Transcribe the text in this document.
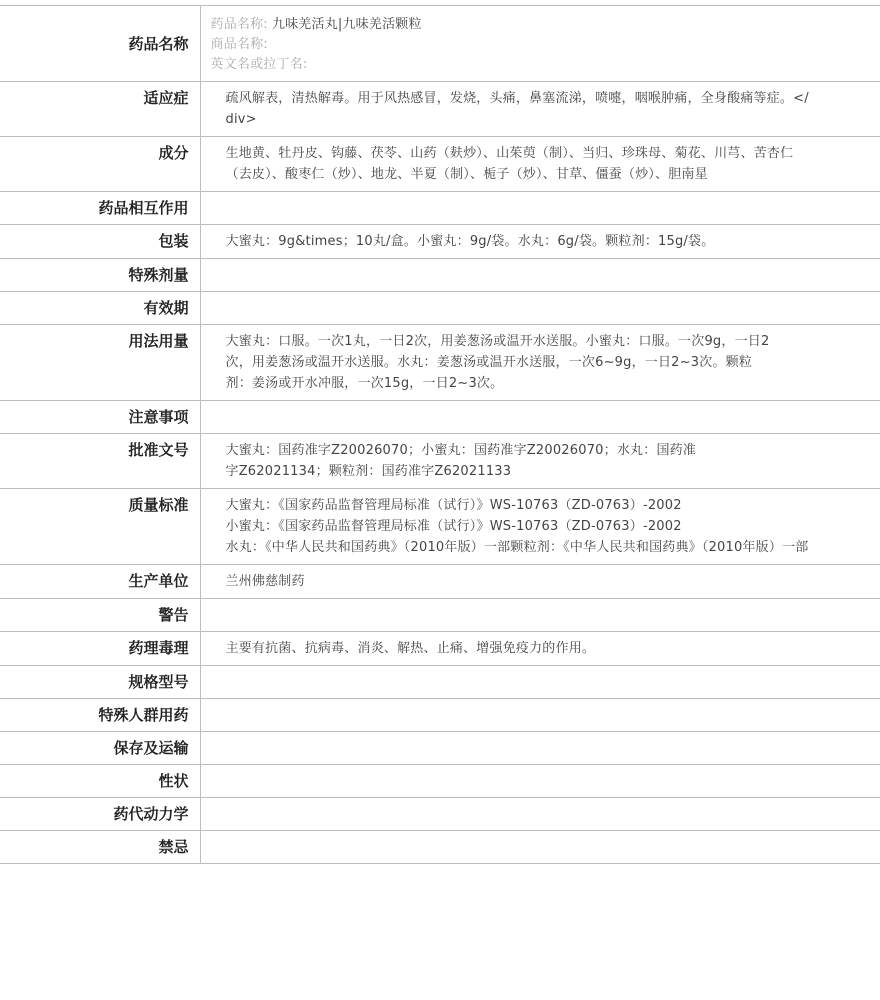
药品名称	药品名称: 九味羌活丸|九味羌活颗粒
商品名称:
英文名或拉丁名:

适应症	疏风解表，清热解毒。用于风热感冒，发烧，头痛，鼻塞流涕，喷嚏，咽喉肿痛，全身酸痛等症。</div>

成分	生地黄、牡丹皮、钩藤、茯苓、山药（麸炒）、山茱萸（制）、当归、珍珠母、菊花、川芎、苦杏仁（去皮）、酸枣仁（炒）、地龙、半夏（制）、栀子（炒）、甘草、僵蚕（炒）、胆南星

药品相互作用	

包装	大蜜丸：9g&times；10丸/盒。小蜜丸：9g/袋。水丸：6g/袋。颗粒剂：15g/袋。

特殊剂量	

有效期	

用法用量	大蜜丸：口服。一次1丸，一日2次，用姜葱汤或温开水送服。小蜜丸：口服。一次9g，一日2次，用姜葱汤或温开水送服。水丸：姜葱汤或温开水送服，一次6~9g，一日2~3次。颗粒剂：姜汤或开水冲服，一次15g，一日2~3次。

注意事项	

批准文号	大蜜丸：国药准字Z20026070；小蜜丸：国药准字Z20026070；水丸：国药准字Z62021134；颗粒剂：国药准字Z62021133

质量标准	大蜜丸：《国家药品监督管理局标准（试行）》WS-10763（ZD-0763）-2002
小蜜丸：《国家药品监督管理局标准（试行）》WS-10763（ZD-0763）-2002
水丸：《中华人民共和国药典》（2010年版）一部颗粒剂：《中华人民共和国药典》（2010年版）一部

生产单位	兰州佛慈制药

警告	

药理毒理	主要有抗菌、抗病毒、消炎、解热、止痛、增强免疫力的作用。

规格型号	

特殊人群用药	

保存及运输	

性状	

药代动力学	

禁忌	
